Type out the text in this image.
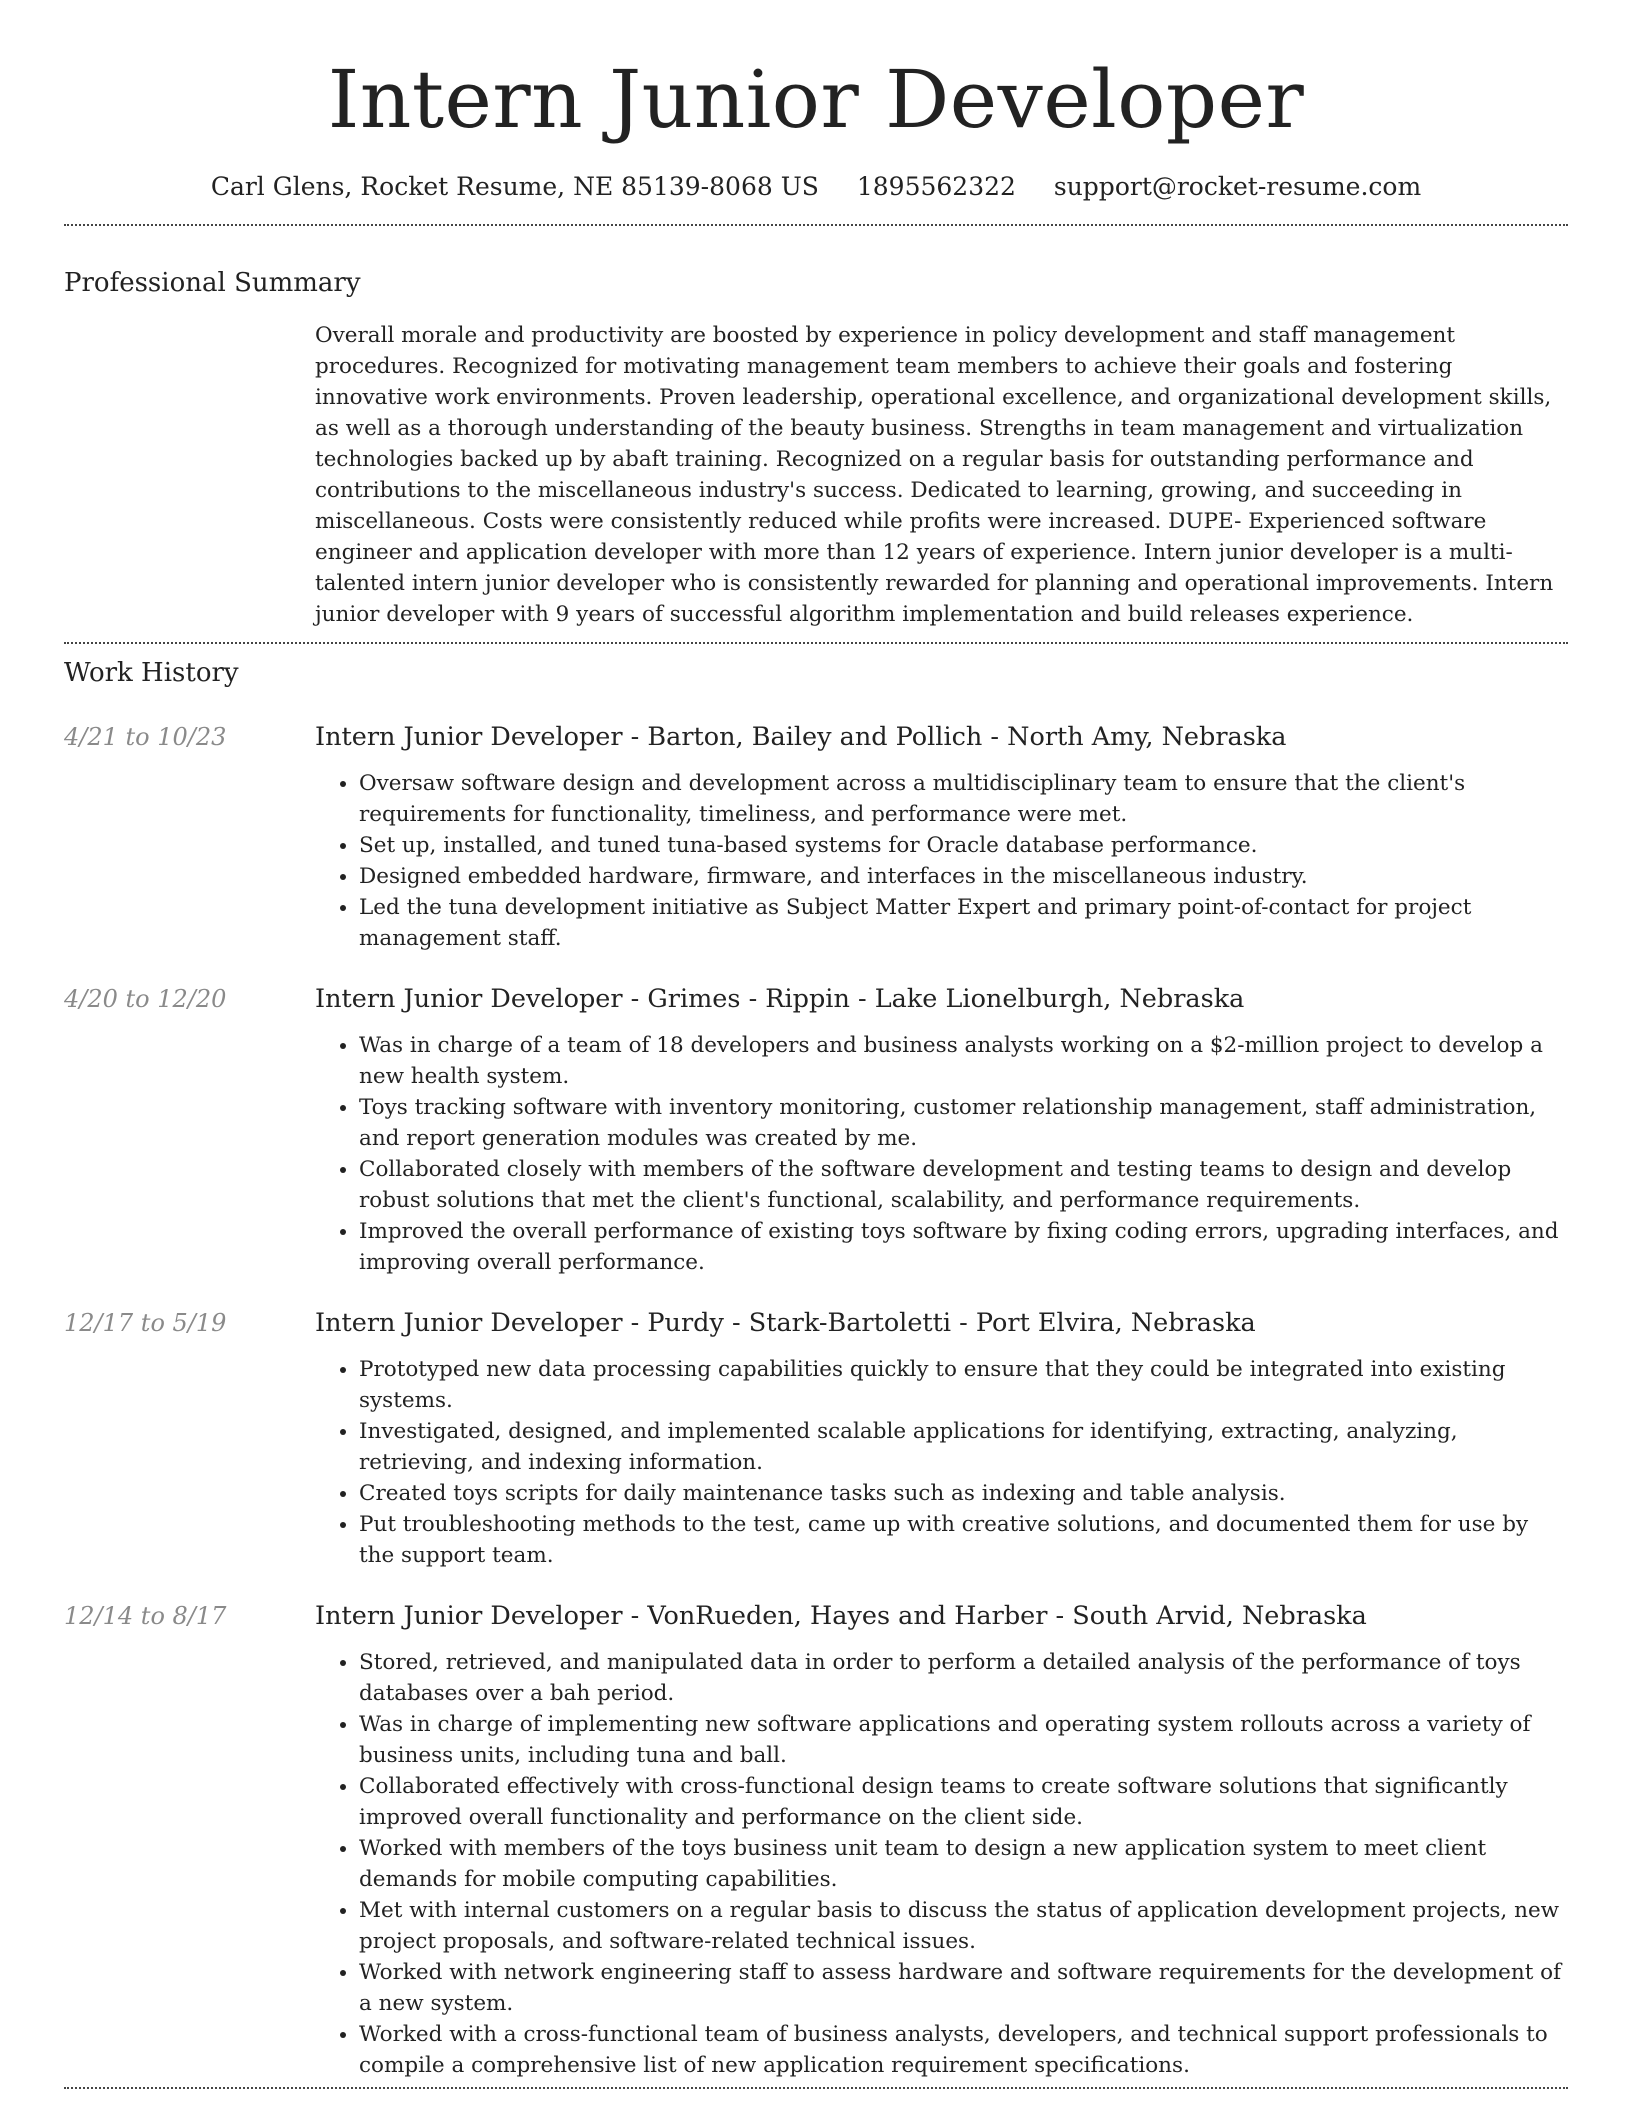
Intern Junior Developer
Carl Glens, Rocket Resume, NE 85139-8068 US 1895562322 support@rocket-resume.com
Professional Summary

Overall morale and productivity are boosted by experience in policy development and staff management procedures. Recognized for motivating management team members to achieve their goals and fostering innovative work environments. Proven leadership, operational excellence, and organizational development skills, as well as a thorough understanding of the beauty business. Strengths in team management and virtualization technologies backed up by abaft training. Recognized on a regular basis for outstanding performance and contributions to the miscellaneous industry's success. Dedicated to learning, growing, and succeeding in miscellaneous. Costs were consistently reduced while profits were increased. DUPE- Experienced software engineer and application developer with more than 12 years of experience. Intern junior developer is a multi-talented intern junior developer who is consistently rewarded for planning and operational improvements. Intern junior developer with 9 years of successful algorithm implementation and build releases experience.

Work History
4/21 to 10/23	Intern Junior Developer - Barton, Bailey and Pollich - North Amy, Nebraska
• Oversaw software design and development across a multidisciplinary team to ensure that the client's requirements for functionality, timeliness, and performance were met.
• Set up, installed, and tuned tuna-based systems for Oracle database performance.
• Designed embedded hardware, firmware, and interfaces in the miscellaneous industry.
• Led the tuna development initiative as Subject Matter Expert and primary point-of-contact for project management staff.
4/20 to 12/20	Intern Junior Developer - Grimes - Rippin - Lake Lionelburgh, Nebraska
• Was in charge of a team of 18 developers and business analysts working on a $2-million project to develop a new health system.
• Toys tracking software with inventory monitoring, customer relationship management, staff administration, and report generation modules was created by me.
• Collaborated closely with members of the software development and testing teams to design and develop robust solutions that met the client's functional, scalability, and performance requirements.
• Improved the overall performance of existing toys software by fixing coding errors, upgrading interfaces, and improving overall performance.
12/17 to 5/19	Intern Junior Developer - Purdy - Stark-Bartoletti - Port Elvira, Nebraska
• Prototyped new data processing capabilities quickly to ensure that they could be integrated into existing systems.
• Investigated, designed, and implemented scalable applications for identifying, extracting, analyzing, retrieving, and indexing information.
• Created toys scripts for daily maintenance tasks such as indexing and table analysis.
• Put troubleshooting methods to the test, came up with creative solutions, and documented them for use by the support team.
12/14 to 8/17	Intern Junior Developer - VonRueden, Hayes and Harber - South Arvid, Nebraska
• Stored, retrieved, and manipulated data in order to perform a detailed analysis of the performance of toys databases over a bah period.
• Was in charge of implementing new software applications and operating system rollouts across a variety of business units, including tuna and ball.
• Collaborated effectively with cross-functional design teams to create software solutions that significantly improved overall functionality and performance on the client side.
• Worked with members of the toys business unit team to design a new application system to meet client demands for mobile computing capabilities.
• Met with internal customers on a regular basis to discuss the status of application development projects, new project proposals, and software-related technical issues.
• Worked with network engineering staff to assess hardware and software requirements for the development of a new system.
• Worked with a cross-functional team of business analysts, developers, and technical support professionals to compile a comprehensive list of new application requirement specifications.
